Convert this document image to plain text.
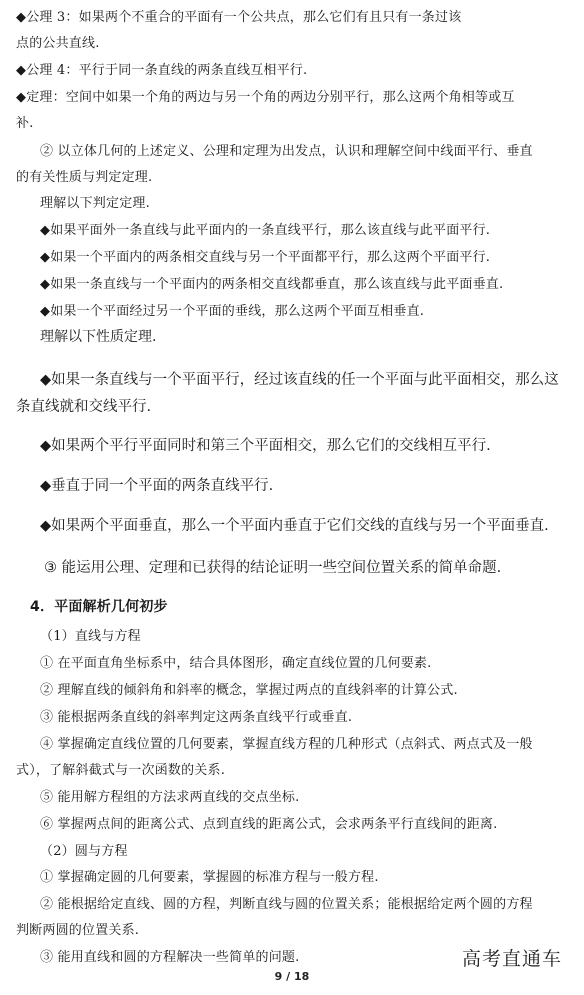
◆公理 3：如果两个不重合的平面有一个公共点，那么它们有且只有一条过该
点的公共直线.
◆公理 4：平行于同一条直线的两条直线互相平行.
◆定理：空间中如果一个角的两边与另一个角的两边分别平行，那么这两个角相等或互
补.
② 以立体几何的上述定义、公理和定理为出发点，认识和理解空间中线面平行、垂直
的有关性质与判定定理.
理解以下判定定理.
◆如果平面外一条直线与此平面内的一条直线平行，那么该直线与此平面平行.
◆如果一个平面内的两条相交直线与另一个平面都平行，那么这两个平面平行.
◆如果一条直线与一个平面内的两条相交直线都垂直，那么该直线与此平面垂直.
◆如果一个平面经过另一个平面的垂线，那么这两个平面互相垂直.
理解以下性质定理.
◆如果一条直线与一个平面平行，经过该直线的任一个平面与此平面相交，那么这
条直线就和交线平行.
◆如果两个平行平面同时和第三个平面相交，那么它们的交线相互平行.
◆垂直于同一个平面的两条直线平行.
◆如果两个平面垂直，那么一个平面内垂直于它们交线的直线与另一个平面垂直.
③ 能运用公理、定理和已获得的结论证明一些空间位置关系的简单命题.
4．平面解析几何初步
（1）直线与方程
① 在平面直角坐标系中，结合具体图形，确定直线位置的几何要素.
② 理解直线的倾斜角和斜率的概念，掌握过两点的直线斜率的计算公式.
③ 能根据两条直线的斜率判定这两条直线平行或垂直.
④ 掌握确定直线位置的几何要素，掌握直线方程的几种形式（点斜式、两点式及一般
式），了解斜截式与一次函数的关系.
⑤ 能用解方程组的方法求两直线的交点坐标.
⑥ 掌握两点间的距离公式、点到直线的距离公式，会求两条平行直线间的距离.
（2）圆与方程
① 掌握确定圆的几何要素，掌握圆的标准方程与一般方程.
② 能根据给定直线、圆的方程，判断直线与圆的位置关系；能根据给定两个圆的方程
判断两圆的位置关系.
③ 能用直线和圆的方程解决一些简单的问题.
9 / 18
高考直通车
